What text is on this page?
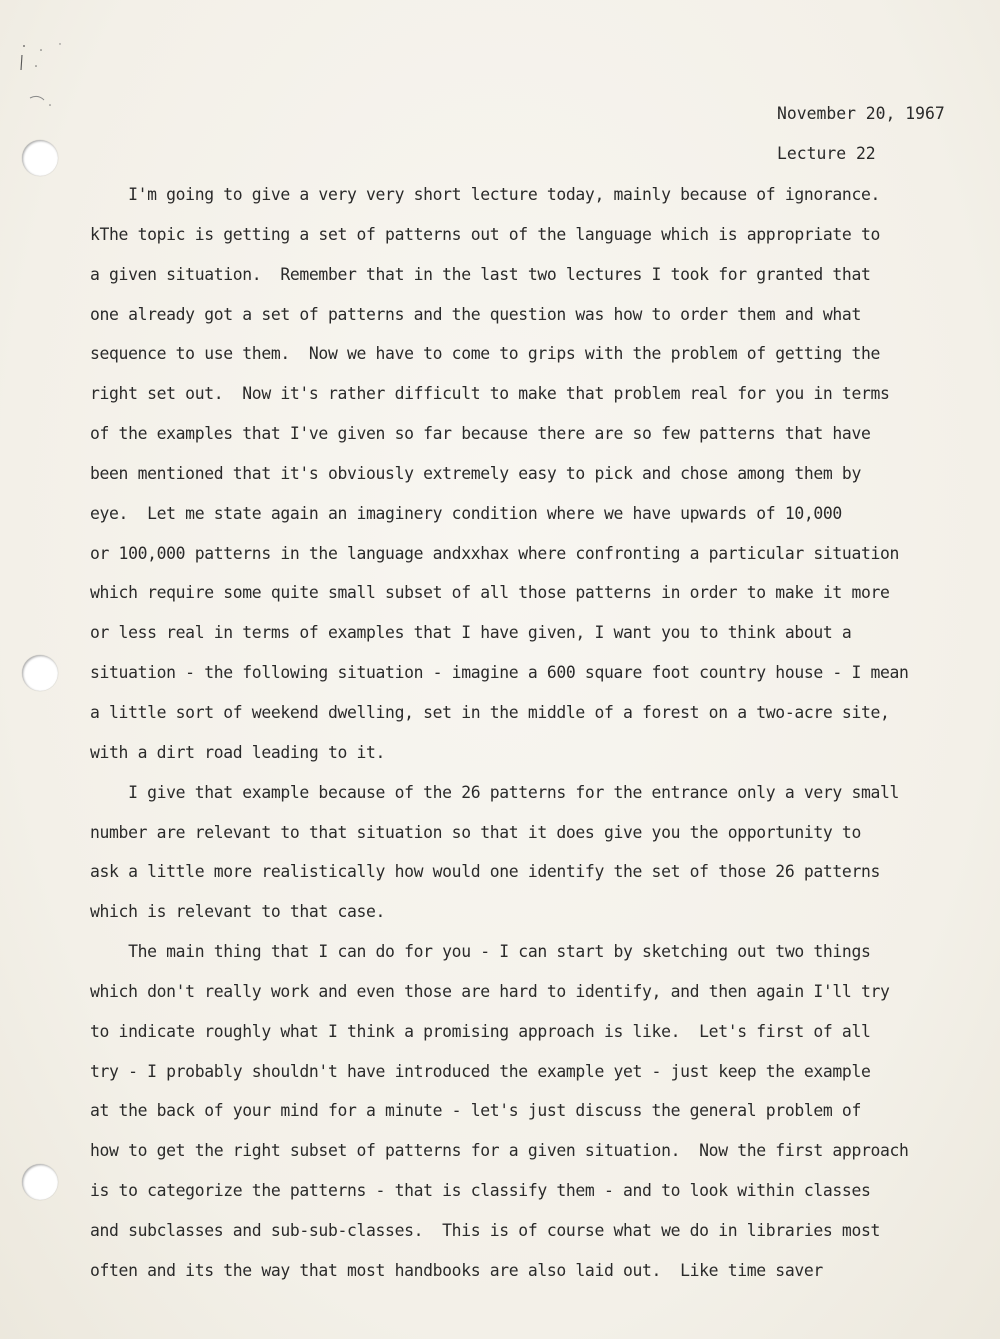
November 20, 1967
Lecture 22
I'm going to give a very very short lecture today, mainly because of ignorance.
kThe topic is getting a set of patterns out of the language which is appropriate to
a given situation.  Remember that in the last two lectures I took for granted that
one already got a set of patterns and the question was how to order them and what
sequence to use them.  Now we have to come to grips with the problem of getting the
right set out.  Now it's rather difficult to make that problem real for you in terms
of the examples that I've given so far because there are so few patterns that have
been mentioned that it's obviously extremely easy to pick and chose among them by
eye.  Let me state again an imaginery condition where we have upwards of 10,000
or 100,000 patterns in the language andxxhax where confronting a particular situation
which require some quite small subset of all those patterns in order to make it more
or less real in terms of examples that I have given, I want you to think about a
situation - the following situation - imagine a 600 square foot country house - I mean
a little sort of weekend dwelling, set in the middle of a forest on a two-acre site,
with a dirt road leading to it.
I give that example because of the 26 patterns for the entrance only a very small
number are relevant to that situation so that it does give you the opportunity to
ask a little more realistically how would one identify the set of those 26 patterns
which is relevant to that case.
The main thing that I can do for you - I can start by sketching out two things
which don't really work and even those are hard to identify, and then again I'll try
to indicate roughly what I think a promising approach is like.  Let's first of all
try - I probably shouldn't have introduced the example yet - just keep the example
at the back of your mind for a minute - let's just discuss the general problem of
how to get the right subset of patterns for a given situation.  Now the first approach
is to categorize the patterns - that is classify them - and to look within classes
and subclasses and sub-sub-classes.  This is of course what we do in libraries most
often and its the way that most handbooks are also laid out.  Like time saver
